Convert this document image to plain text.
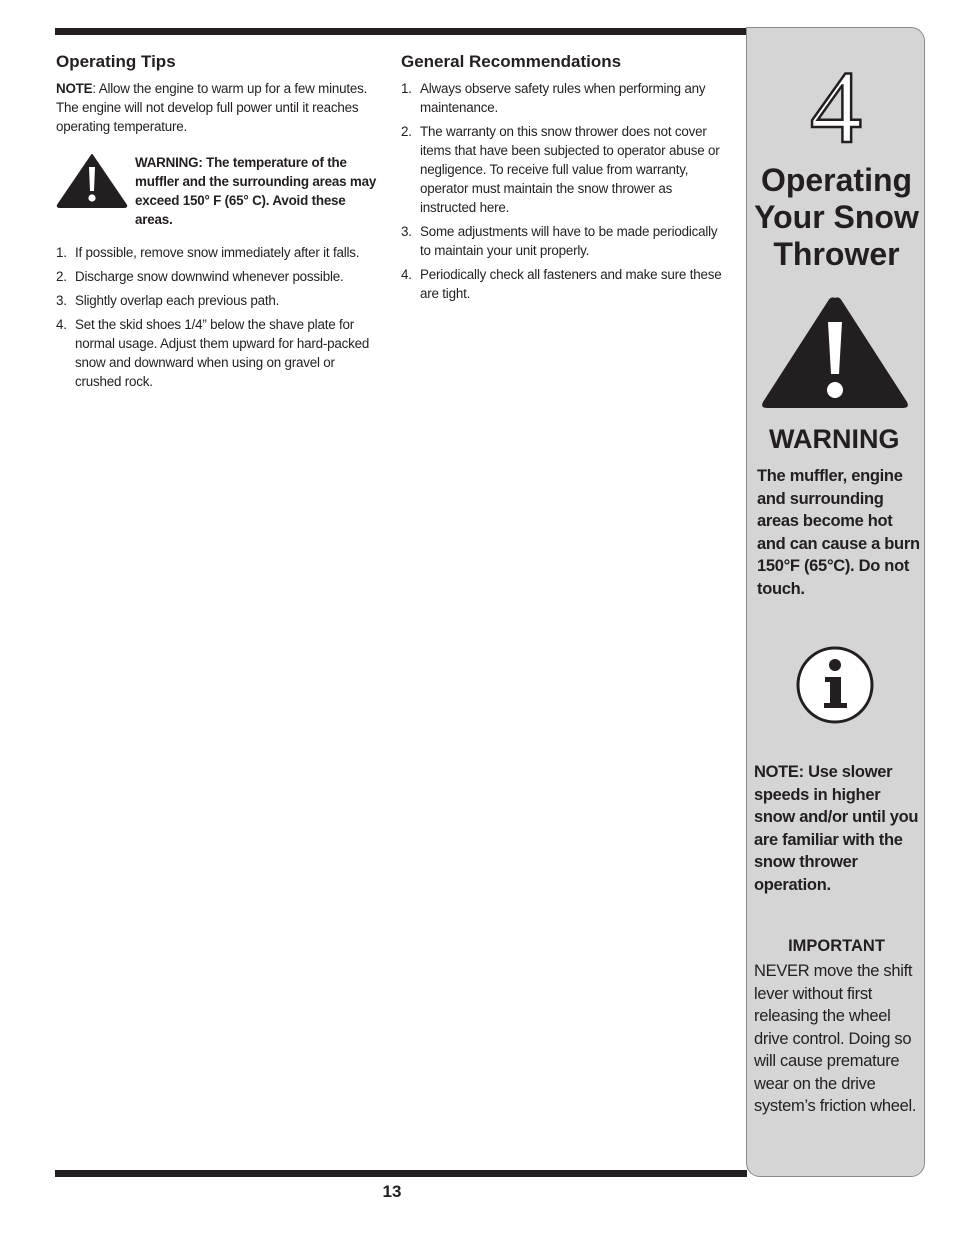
Operating Tips

NOTE: Allow the engine to warm up for a few minutes. The engine will not develop full power until it reaches operating temperature.

WARNING: The temperature of the muffler and the surrounding areas may exceed 150° F (65° C). Avoid these areas.
1. If possible, remove snow immediately after it falls.
2. Discharge snow downwind whenever possible.
3. Slightly overlap each previous path.
4. Set the skid shoes 1/4” below the shave plate for normal usage. Adjust them upward for hard-packed snow and downward when using on gravel or crushed rock.
General Recommendations
1. Always observe safety rules when performing any maintenance.
2. The warranty on this snow thrower does not cover items that have been subjected to operator abuse or negligence. To receive full value from warranty, operator must maintain the snow thrower as instructed here.
3. Some adjustments will have to be made periodically to maintain your unit properly.
4. Periodically check all fasteners and make sure these are tight.
4
Operating Your Snow Thrower
WARNING
The muffler, engine and surrounding areas become hot and can cause a burn 150°F (65°C). Do not touch.
NOTE: Use slower speeds in higher snow and/or until you are familiar with the snow thrower operation.
IMPORTANT
NEVER move the shift lever without first releasing the wheel drive control. Doing so will cause premature wear on the drive system’s friction wheel.
13
